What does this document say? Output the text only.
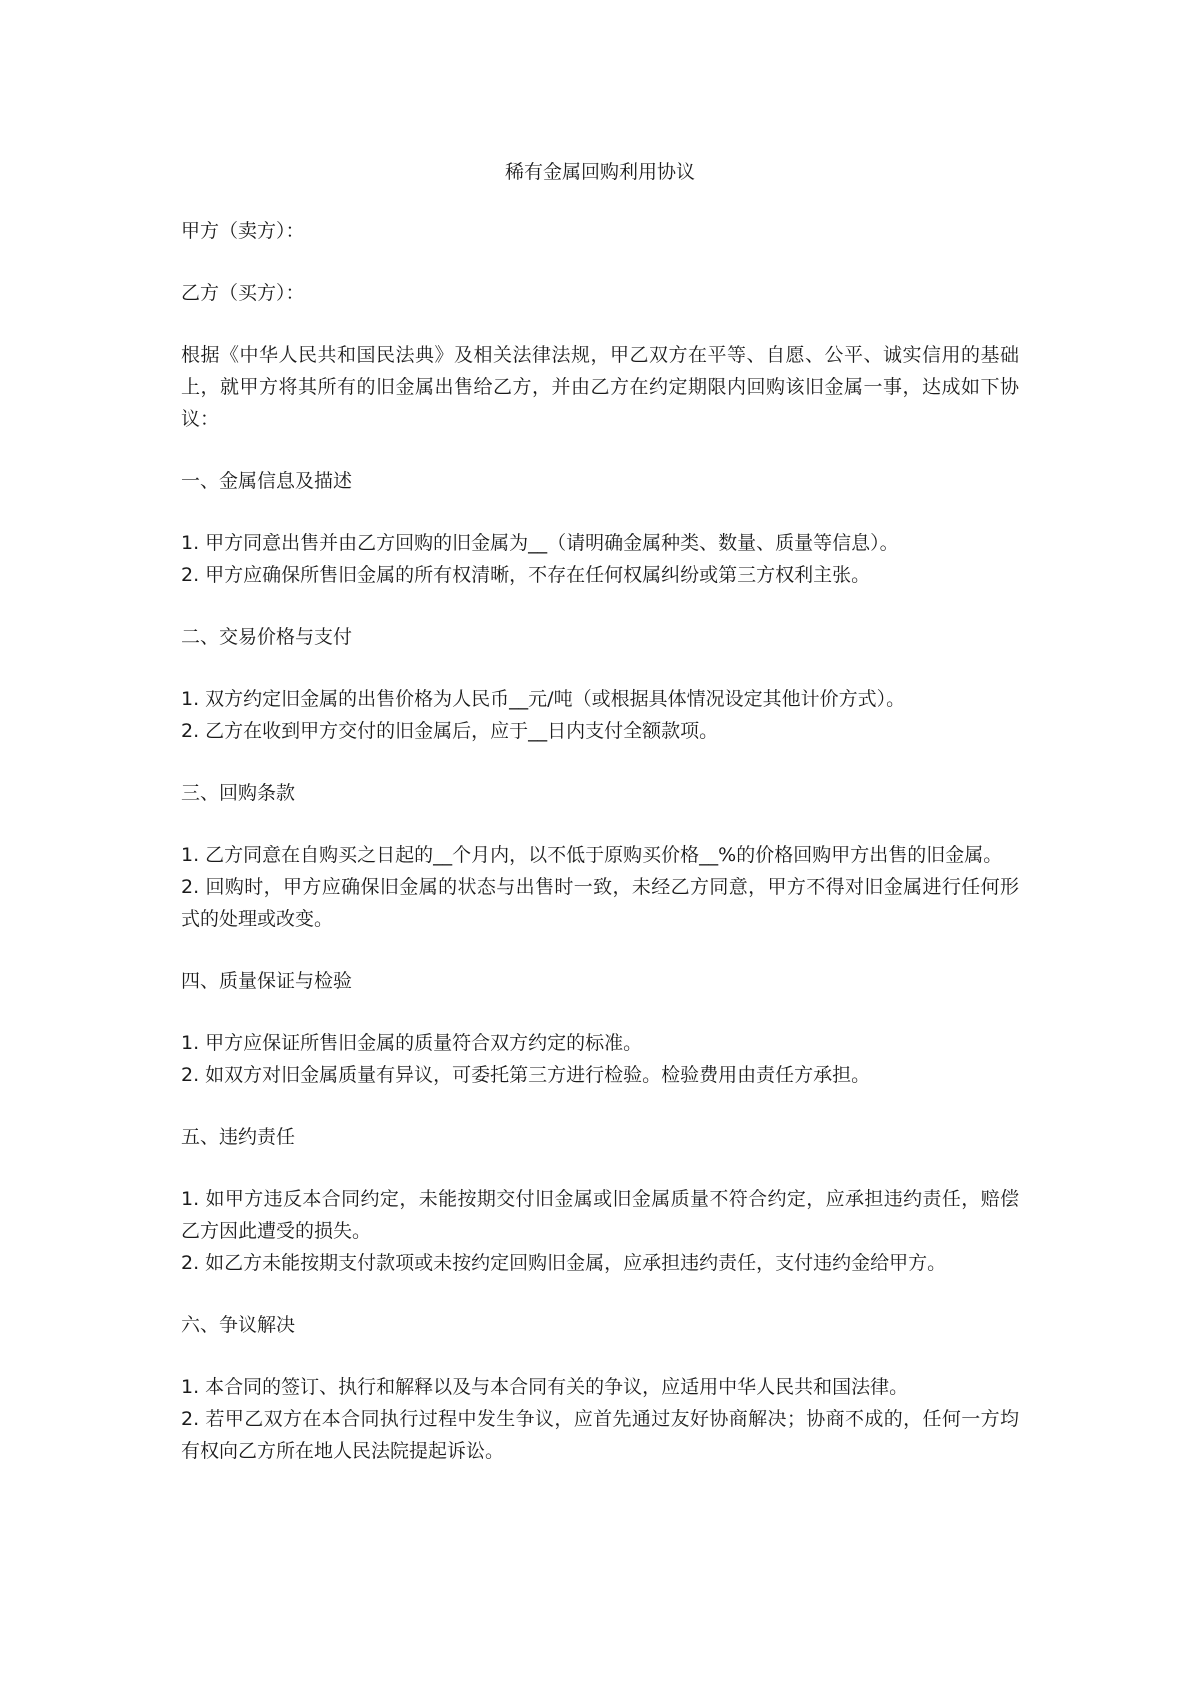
稀有金属回购利用协议

甲方（卖方）：

乙方（买方）：

根据《中华人民共和国民法典》及相关法律法规，甲乙双方在平等、自愿、公平、诚实信用的基础上，就甲方将其所有的旧金属出售给乙方，并由乙方在约定期限内回购该旧金属一事，达成如下协议：

一、金属信息及描述

1. 甲方同意出售并由乙方回购的旧金属为__（请明确金属种类、数量、质量等信息）。

2. 甲方应确保所售旧金属的所有权清晰，不存在任何权属纠纷或第三方权利主张。

二、交易价格与支付

1. 双方约定旧金属的出售价格为人民币__元/吨（或根据具体情况设定其他计价方式）。

2. 乙方在收到甲方交付的旧金属后，应于__日内支付全额款项。

三、回购条款

1. 乙方同意在自购买之日起的__个月内，以不低于原购买价格__%的价格回购甲方出售的旧金属。

2. 回购时，甲方应确保旧金属的状态与出售时一致，未经乙方同意，甲方不得对旧金属进行任何形式的处理或改变。

四、质量保证与检验

1. 甲方应保证所售旧金属的质量符合双方约定的标准。

2. 如双方对旧金属质量有异议，可委托第三方进行检验。检验费用由责任方承担。

五、违约责任

1. 如甲方违反本合同约定，未能按期交付旧金属或旧金属质量不符合约定，应承担违约责任，赔偿乙方因此遭受的损失。

2. 如乙方未能按期支付款项或未按约定回购旧金属，应承担违约责任，支付违约金给甲方。

六、争议解决

1. 本合同的签订、执行和解释以及与本合同有关的争议，应适用中华人民共和国法律。

2. 若甲乙双方在本合同执行过程中发生争议，应首先通过友好协商解决；协商不成的，任何一方均有权向乙方所在地人民法院提起诉讼。
